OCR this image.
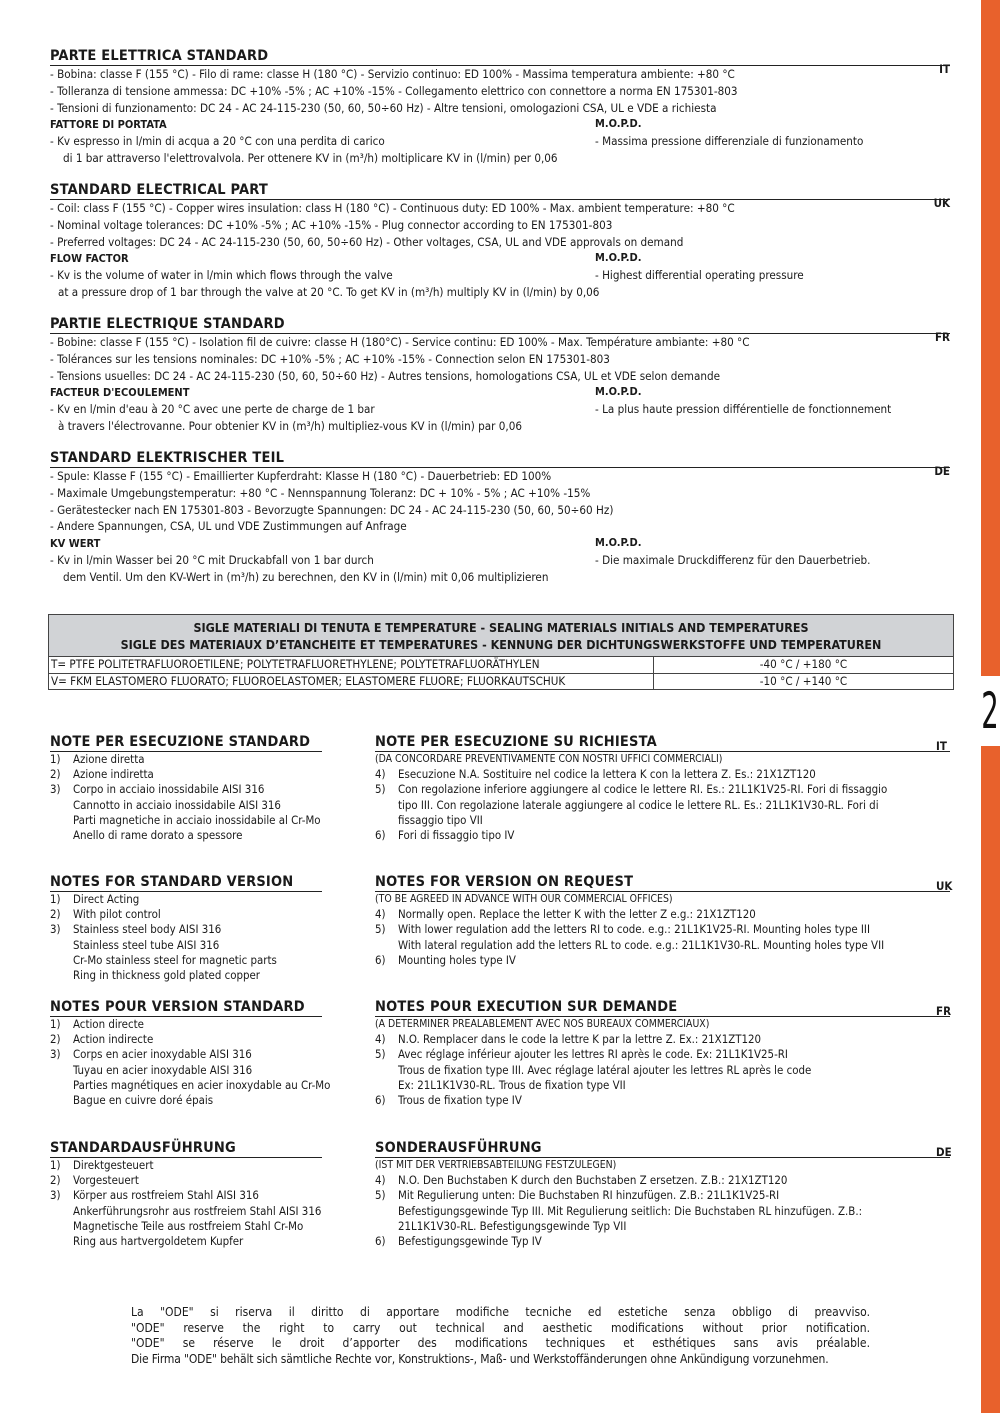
2
PARTE ELETTRICA STANDARD
IT
- Bobina: classe F (155 °C) - Filo di rame: classe H (180 °C) - Servizio continuo: ED 100% - Massima temperatura ambiente: +80 °C
- Tolleranza di tensione ammessa: DC +10% -5% ; AC +10% -15% - Collegamento elettrico con connettore a norma EN 175301-803
- Tensioni di funzionamento: DC 24 - AC 24-115-230 (50, 60, 50÷60 Hz) - Altre tensioni, omologazioni CSA, UL e VDE a richiesta
FATTORE DI PORTATA	M.O.P.D.
- Kv espresso in l/min di acqua a 20 °C con una perdita di carico	- Massima pressione differenziale di funzionamento
di 1 bar attraverso l'elettrovalvola. Per ottenere KV in (m³/h) moltiplicare KV in (l/min) per 0,06
STANDARD ELECTRICAL PART
UK
- Coil: class F (155 °C) - Copper wires insulation: class H (180 °C) - Continuous duty: ED 100% - Max. ambient temperature: +80 °C
- Nominal voltage tolerances: DC +10% -5% ; AC +10% -15% - Plug connector according to EN 175301-803
- Preferred voltages: DC 24 - AC 24-115-230 (50, 60, 50÷60 Hz) - Other voltages, CSA, UL and VDE approvals on demand
FLOW FACTOR	M.O.P.D.
- Kv is the volume of water in l/min which flows through the valve	- Highest differential operating pressure
at a pressure drop of 1 bar through the valve at 20 °C. To get KV in (m³/h) multiply KV in (l/min) by 0,06
PARTIE ELECTRIQUE STANDARD
FR
- Bobine: classe F (155 °C) - Isolation fil de cuivre: classe H (180°C) - Service continu: ED 100% - Max. Température ambiante: +80 °C
- Tolérances sur les tensions nominales: DC +10% -5% ; AC +10% -15% - Connection selon EN 175301-803
- Tensions usuelles: DC 24 - AC 24-115-230 (50, 60, 50÷60 Hz) - Autres tensions, homologations CSA, UL et VDE selon demande
FACTEUR D'ECOULEMENT	M.O.P.D.
- Kv en l/min d'eau à 20 °C avec une perte de charge de 1 bar	- La plus haute pression différentielle de fonctionnement
à travers l'électrovanne. Pour obtenier KV in (m³/h) multipliez-vous KV in (l/min) par 0,06
STANDARD ELEKTRISCHER TEIL
DE
- Spule: Klasse F (155 °C) - Emaillierter Kupferdraht: Klasse H (180 °C) - Dauerbetrieb: ED 100%
- Maximale Umgebungstemperatur: +80 °C - Nennspannung Toleranz: DC + 10% - 5% ; AC +10% -15%
- Gerätestecker nach EN 175301-803 - Bevorzugte Spannungen: DC 24 - AC 24-115-230 (50, 60, 50÷60 Hz)
- Andere Spannungen, CSA, UL und VDE Zustimmungen auf Anfrage
KV WERT	M.O.P.D.
- Kv in l/min Wasser bei 20 °C mit Druckabfall von 1 bar durch	- Die maximale Druckdifferenz für den Dauerbetrieb.
dem Ventil. Um den KV-Wert in (m³/h) zu berechnen, den KV in (l/min) mit 0,06 multiplizieren
SIGLE MATERIALI DI TENUTA E TEMPERATURE - SEALING MATERIALS INITIALS AND TEMPERATURES
SIGLE DES MATERIAUX D’ETANCHEITE ET TEMPERATURES - KENNUNG DER DICHTUNGSWERKSTOFFE UND TEMPERATUREN
T= PTFE POLITETRAFLUOROETILENE; POLYTETRAFLUORETHYLENE; POLYTETRAFLUORÄTHYLEN	-40 °C / +180 °C
V= FKM ELASTOMERO FLUORATO; FLUOROELASTOMER; ELASTOMERE FLUORE; FLUORKAUTSCHUK	-10 °C / +140 °C
IT
NOTE PER ESECUZIONE STANDARD
1) Azione diretta
2) Azione indiretta
3) Corpo in acciaio inossidabile AISI 316
Cannotto in acciaio inossidabile AISI 316
Parti magnetiche in acciaio inossidabile al Cr-Mo
Anello di rame dorato a spessore
NOTE PER ESECUZIONE SU RICHIESTA
(DA CONCORDARE PREVENTIVAMENTE CON NOSTRI UFFICI COMMERCIALI)
4) Esecuzione N.A. Sostituire nel codice la lettera K con la lettera Z. Es.: 21X1ZT120
5) Con regolazione inferiore aggiungere al codice le lettere RI. Es.: 21L1K1V25-RI. Fori di fissaggio
tipo III. Con regolazione laterale aggiungere al codice le lettere RL. Es.: 21L1K1V30-RL. Fori di
fissaggio tipo VII
6) Fori di fissaggio tipo IV
UK
NOTES FOR STANDARD VERSION
1) Direct Acting
2) With pilot control
3) Stainless steel body AISI 316
Stainless steel tube AISI 316
Cr-Mo stainless steel for magnetic parts
Ring in thickness gold plated copper
NOTES FOR VERSION ON REQUEST
(TO BE AGREED IN ADVANCE WITH OUR COMMERCIAL OFFICES)
4) Normally open. Replace the letter K with the letter Z e.g.: 21X1ZT120
5) With lower regulation add the letters RI to code. e.g.: 21L1K1V25-RI. Mounting holes type III
With lateral regulation add the letters RL to code. e.g.: 21L1K1V30-RL. Mounting holes type VII
6) Mounting holes type IV
FR
NOTES POUR VERSION STANDARD
1) Action directe
2) Action indirecte
3) Corps en acier inoxydable AISI 316
Tuyau en acier inoxydable AISI 316
Parties magnétiques en acier inoxydable au Cr-Mo
Bague en cuivre doré épais
NOTES POUR EXECUTION SUR DEMANDE
(A DETERMINER PREALABLEMENT AVEC NOS BUREAUX COMMERCIAUX)
4) N.O. Remplacer dans le code la lettre K par la lettre Z. Ex.: 21X1ZT120
5) Avec réglage inférieur ajouter les lettres RI après le code. Ex: 21L1K1V25-RI
Trous de fixation type III. Avec réglage latéral ajouter les lettres RL après le code
Ex: 21L1K1V30-RL. Trous de fixation type VII
6) Trous de fixation type IV
DE
STANDARDAUSFÜHRUNG
1) Direktgesteuert
2) Vorgesteuert
3) Körper aus rostfreiem Stahl AISI 316
Ankerführungsrohr aus rostfreiem Stahl AISI 316
Magnetische Teile aus rostfreiem Stahl Cr-Mo
Ring aus hartvergoldetem Kupfer
SONDERAUSFÜHRUNG
(IST MIT DER VERTRIEBSABTEILUNG FESTZULEGEN)
4) N.O. Den Buchstaben K durch den Buchstaben Z ersetzen. Z.B.: 21X1ZT120
5) Mit Regulierung unten: Die Buchstaben RI hinzufügen. Z.B.: 21L1K1V25-RI
Befestigungsgewinde Typ III. Mit Regulierung seitlich: Die Buchstaben RL hinzufügen. Z.B.:
21L1K1V30-RL. Befestigungsgewinde Typ VII
6) Befestigungsgewinde Typ IV
La "ODE" si riserva il diritto di apportare modifiche tecniche ed estetiche senza obbligo di preavviso.
"ODE" reserve the right to carry out technical and aesthetic modifications without prior notification.
"ODE" se réserve le droit d’apporter des modifications techniques et esthétiques sans avis préalable.
Die Firma "ODE" behält sich sämtliche Rechte vor, Konstruktions-, Maß- und Werkstoffänderungen ohne Ankündigung vorzunehmen.
